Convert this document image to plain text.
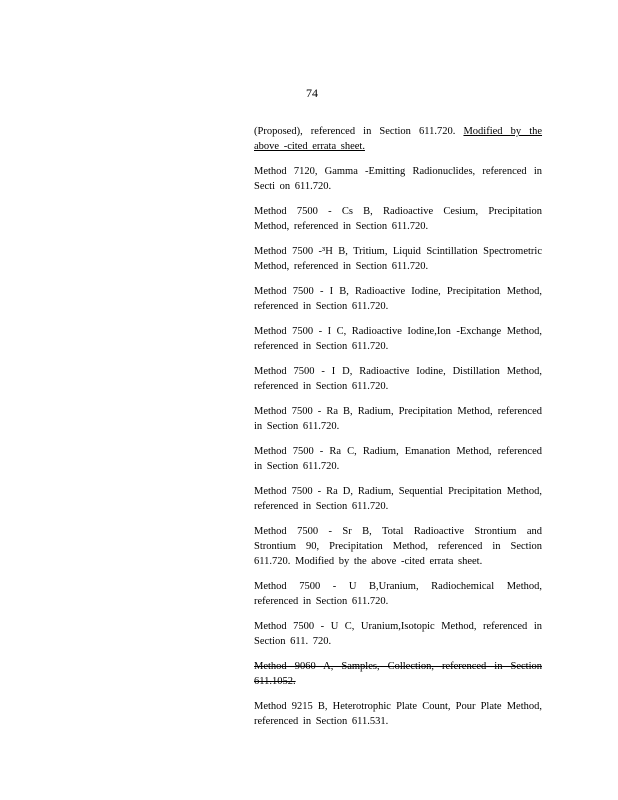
74

(Proposed), referenced in Section 611.720. Modified by the above -cited errata sheet.

Method 7120, Gamma -Emitting Radionuclides, referenced in Secti on 611.720.

Method 7500 - Cs B, Radioactive Cesium, Precipitation Method, referenced in Section 611.720.

Method 7500 -³H B, Tritium, Liquid Scintillation Spectrometric Method, referenced in Section 611.720.

Method 7500 - I B, Radioactive Iodine, Precipitation Method, referenced in Section 611.720.

Method 7500 - I C, Radioactive Iodine,Ion -Exchange Method, referenced in Section 611.720.

Method 7500 - I D, Radioactive Iodine, Distillation Method, referenced in Section 611.720.

Method 7500 - Ra B, Radium, Precipitation Method, referenced in Section 611.720.

Method 7500 - Ra C, Radium, Emanation Method, referenced in Section 611.720.

Method 7500 - Ra D, Radium, Sequential Precipitation Method, referenced in Section 611.720.

Method 7500 - Sr B, Total Radioactive Strontium and Strontium 90, Precipitation Method, referenced in Section 611.720. Modified by the above -cited errata sheet.

Method 7500 - U B,Uranium, Radiochemical Method, referenced in Section 611.720.

Method 7500 - U C, Uranium,Isotopic Method, referenced in Section 611. 720.

Method 9060 A, Samples, Collection, referenced in Section 611.1052.

Method 9215 B, Heterotrophic Plate Count, Pour Plate Method, referenced in Section 611.531.
